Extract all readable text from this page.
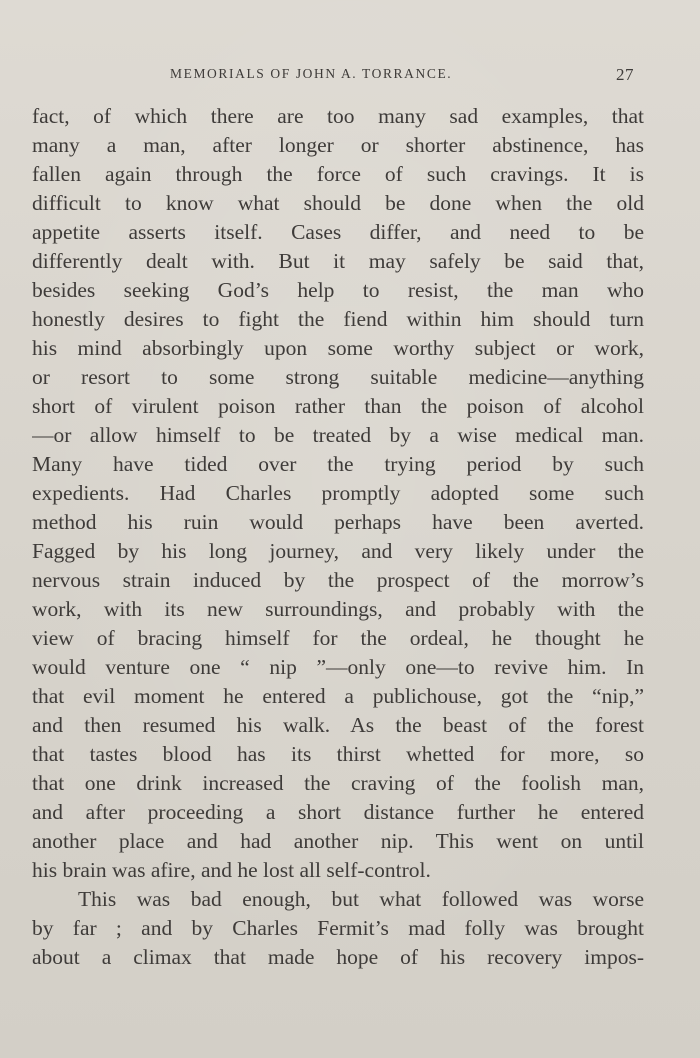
MEMORIALS OF JOHN A. TORRANCE.	27
fact, of which there are too many sad examples, that
many a man, after longer or shorter abstinence, has
fallen again through the force of such cravings. It is
difficult to know what should be done when the old
appetite asserts itself. Cases differ, and need to be
differently dealt with. But it may safely be said that,
besides seeking God’s help to resist, the man who
honestly desires to fight the fiend within him should turn
his mind absorbingly upon some worthy subject or work,
or resort to some strong suitable medicine—anything
short of virulent poison rather than the poison of alcohol
—or allow himself to be treated by a wise medical man.
Many have tided over the trying period by such
expedients. Had Charles promptly adopted some such
method his ruin would perhaps have been averted.
Fagged by his long journey, and very likely under the
nervous strain induced by the prospect of the morrow’s
work, with its new surroundings, and probably with the
view of bracing himself for the ordeal, he thought he
would venture one “ nip ”—only one—to revive him. In
that evil moment he entered a publichouse, got the “nip,”
and then resumed his walk. As the beast of the forest
that tastes blood has its thirst whetted for more, so
that one drink increased the craving of the foolish man,
and after proceeding a short distance further he entered
another place and had another nip. This went on until
his brain was afire, and he lost all self-control.
This was bad enough, but what followed was worse
by far ; and by Charles Fermit’s mad folly was brought
about a climax that made hope of his recovery impos-
